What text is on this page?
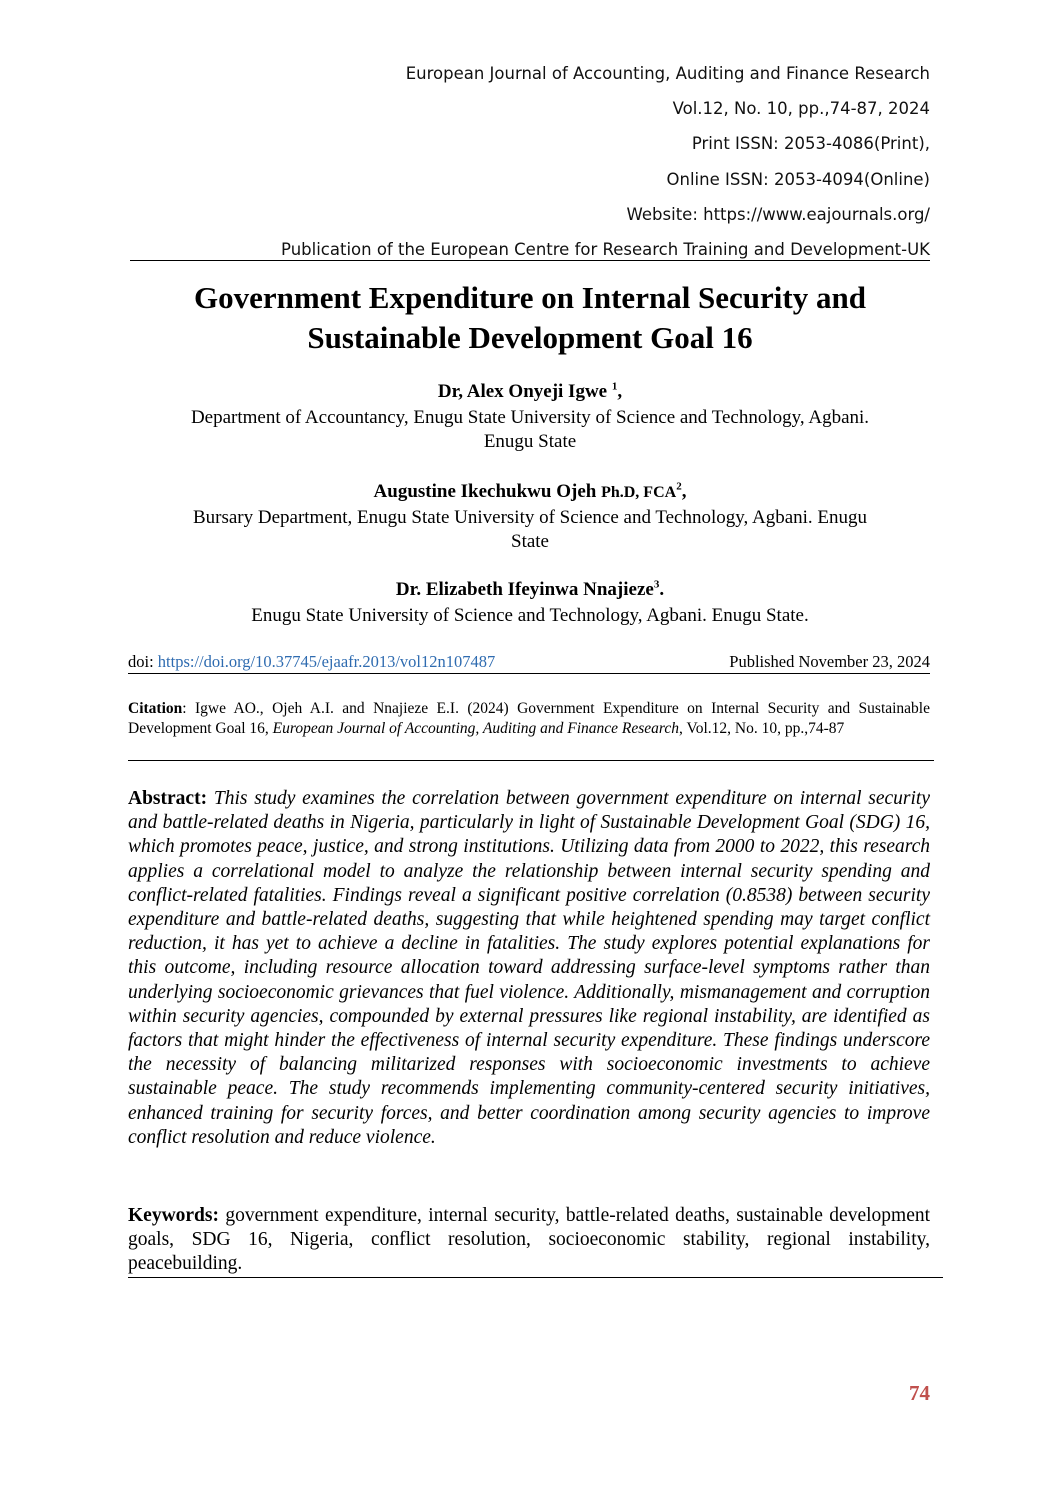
European Journal of Accounting, Auditing and Finance Research
Vol.12, No. 10, pp.,74-87, 2024
Print ISSN: 2053-4086(Print),
Online ISSN: 2053-4094(Online)
Website: https://www.eajournals.org/
Publication of the European Centre for Research Training and Development-UK
Government Expenditure on Internal Security and
Sustainable Development Goal 16
Dr, Alex Onyeji Igwe $^1$,
Department of Accountancy, Enugu State University of Science and Technology, Agbani.
Enugu State
Augustine Ikechukwu Ojeh Ph.D, FCA$^2$,
Bursary Department, Enugu State University of Science and Technology, Agbani. Enugu
State
Dr. Elizabeth Ifeyinwa Nnajieze$^3$.
Enugu State University of Science and Technology, Agbani. Enugu State.
doi: https://doi.org/10.37745/ejaafr.2013/vol12n107487	Published November 23, 2024
Citation: Igwe AO., Ojeh A.I. and Nnajieze E.I. (2024) Government Expenditure on Internal Security and Sustainable Development Goal 16, European Journal of Accounting, Auditing and Finance Research, Vol.12, No. 10, pp.,74-87
Abstract: This study examines the correlation between government expenditure on internal security and battle-related deaths in Nigeria, particularly in light of Sustainable Development Goal (SDG) 16, which promotes peace, justice, and strong institutions. Utilizing data from 2000 to 2022, this research applies a correlational model to analyze the relationship between internal security spending and conflict-related fatalities. Findings reveal a significant positive correlation (0.8538) between security expenditure and battle-related deaths, suggesting that while heightened spending may target conflict reduction, it has yet to achieve a decline in fatalities. The study explores potential explanations for this outcome, including resource allocation toward addressing surface-level symptoms rather than underlying socioeconomic grievances that fuel violence. Additionally, mismanagement and corruption within security agencies, compounded by external pressures like regional instability, are identified as factors that might hinder the effectiveness of internal security expenditure. These findings underscore the necessity of balancing militarized responses with socioeconomic investments to achieve sustainable peace. The study recommends implementing community-centered security initiatives, enhanced training for security forces, and better coordination among security agencies to improve conflict resolution and reduce violence.
Keywords: government expenditure, internal security, battle-related deaths, sustainable development goals, SDG 16, Nigeria, conflict resolution, socioeconomic stability, regional instability, peacebuilding.
74
